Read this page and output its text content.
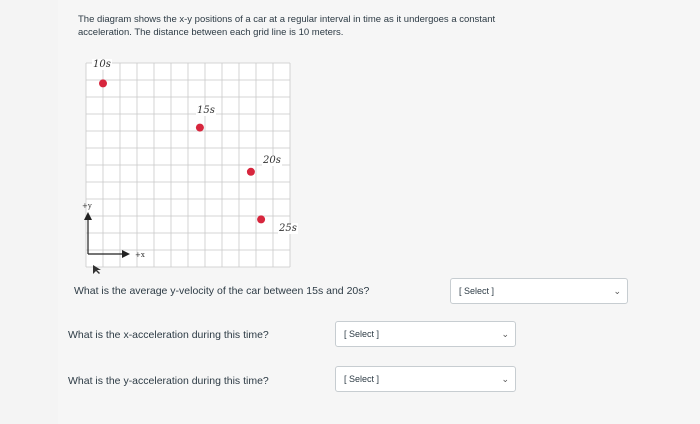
The diagram shows the x-y positions of a car at a regular interval in time as it undergoes a constant
acceleration. The distance between each grid line is 10 meters.
10s
15s
20s
25s
+y
+x
What is the average y-velocity of the car between 15s and 20s?	[ Select ]	⌄
What is the x-acceleration during this time?	[ Select ]	⌄
What is the y-acceleration during this time?	[ Select ]	⌄
